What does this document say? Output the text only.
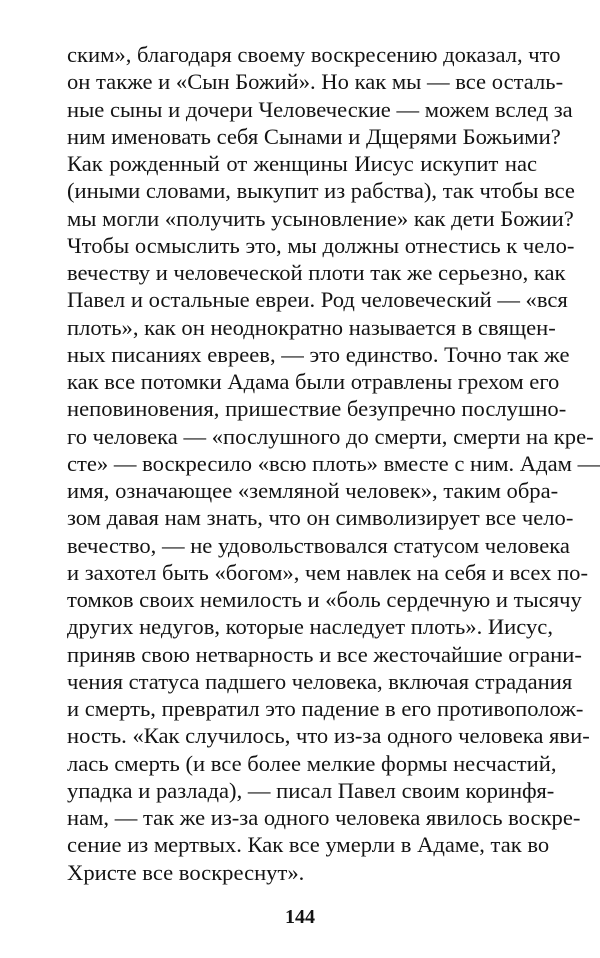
ским», благодаря своему воскресению доказал, что
он также и «Сын Божий». Но как мы — все осталь-
ные сыны и дочери Человеческие — можем вслед за
ним именовать себя Сынами и Дщерями Божьими?
Как рожденный от женщины Иисус искупит нас
(иными словами, выкупит из рабства), так чтобы все
мы могли «получить усыновление» как дети Божии?
Чтобы осмыслить это, мы должны отнестись к чело-
вечеству и человеческой плоти так же серьезно, как
Павел и остальные евреи. Род человеческий — «вся
плоть», как он неоднократно называется в священ-
ных писаниях евреев, — это единство. Точно так же
как все потомки Адама были отравлены грехом его
неповиновения, пришествие безупречно послушно-
го человека — «послушного до смерти, смерти на кре-
сте» — воскресило «всю плоть» вместе с ним. Адам —
имя, означающее «земляной человек», таким обра-
зом давая нам знать, что он символизирует все чело-
вечество, — не удовольствовался статусом человека
и захотел быть «богом», чем навлек на себя и всех по-
томков своих немилость и «боль сердечную и тысячу
других недугов, которые наследует плоть». Иисус,
приняв свою нетварность и все жесточайшие ограни-
чения статуса падшего человека, включая страдания
и смерть, превратил это падение в его противополож-
ность. «Как случилось, что из-за одного человека яви-
лась смерть (и все более мелкие формы несчастий,
упадка и разлада), — писал Павел своим коринфя-
нам, — так же из-за одного человека явилось воскре-
сение из мертвых. Как все умерли в Адаме, так во
Христе все воскреснут».
144
